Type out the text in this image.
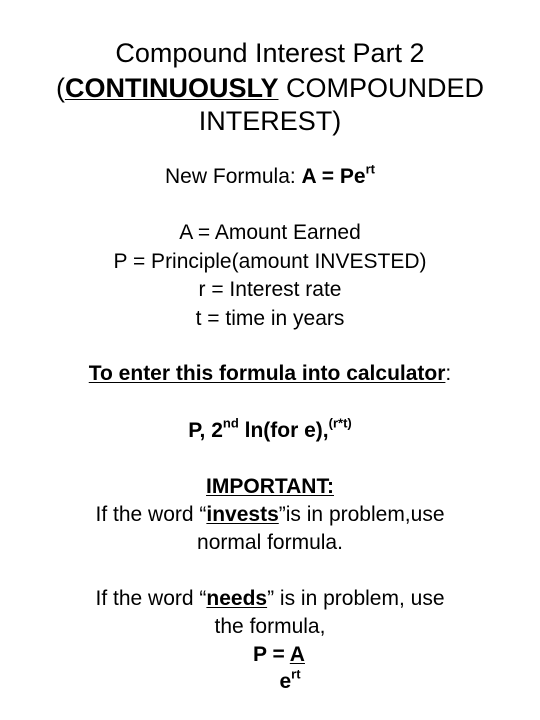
Compound Interest Part 2
(CONTINUOUSLY COMPOUNDED
INTEREST)
New Formula: $A = Pe^{rt}$
A = Amount Earned
P = Principle(amount INVESTED)
r = Interest rate
t = time in years
To enter this formula into calculator:
P, 2nd ln(for e),$^{(r*t)}$
IMPORTANT:
If the word “invests”is in problem,use
normal formula.
If the word “needs” is in problem, use
the formula,
P = A
$e^{rt}$
